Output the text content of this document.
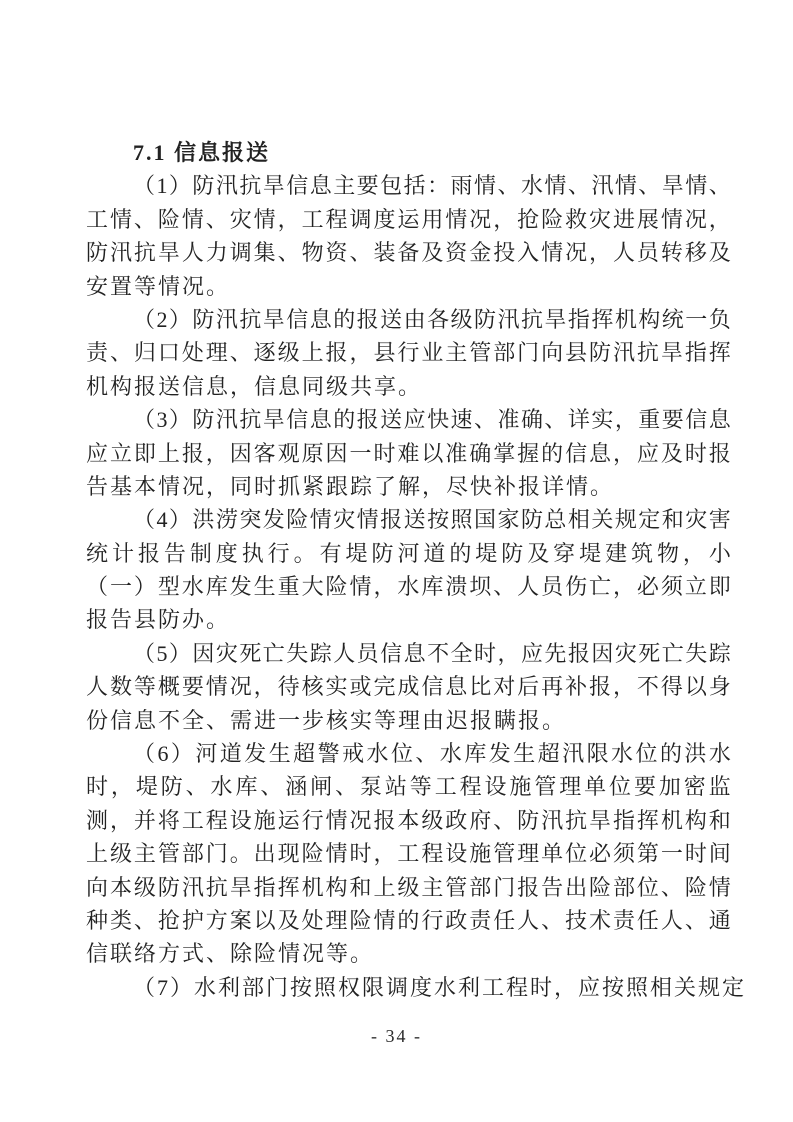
7.1 信息报送
（ 1 ） 防 汛 抗 旱 信 息 主 要 包 括 ： 雨 情 、 水 情 、 汛 情 、 旱 情 、
工 情 、 险 情 、 灾 情 ， 工 程 调 度 运 用 情 况 ， 抢 险 救 灾 进 展 情 况 ，
防 汛 抗 旱 人 力 调 集 、 物 资 、 装 备 及 资 金 投 入 情 况 ， 人 员 转 移 及
安置等情况。
（ 2 ） 防 汛 抗 旱 信 息 的 报 送 由 各 级 防 汛 抗 旱 指 挥 机 构 统 一 负
责 、 归 口 处 理 、 逐 级 上 报 ， 县 行 业 主 管 部 门 向 县 防 汛 抗 旱 指 挥
机构报送信息，信息同级共享。
（ 3 ） 防 汛 抗 旱 信 息 的 报 送 应 快 速 、 准 确 、 详 实 ， 重 要 信 息
应 立 即 上 报 ， 因 客 观 原 因 一 时 难 以 准 确 掌 握 的 信 息 ， 应 及 时 报
告基本情况，同时抓紧跟踪了解，尽快补报详情。
（ 4 ） 洪 涝 突 发 险 情 灾 情 报 送 按 照 国 家 防 总 相 关 规 定 和 灾 害
统 计 报 告 制 度 执 行 。 有 堤 防 河 道 的 堤 防 及 穿 堤 建 筑 物 ， 小
（ 一 ） 型 水 库 发 生 重 大 险 情 ， 水 库 溃 坝 、 人 员 伤 亡 ， 必 须 立 即
报告县防办。
（ 5 ） 因 灾 死 亡 失 踪 人 员 信 息 不 全 时 ， 应 先 报 因 灾 死 亡 失 踪
人 数 等 概 要 情 况 ， 待 核 实 或 完 成 信 息 比 对 后 再 补 报 ， 不 得 以 身
份信息不全、需进一步核实等理由迟报瞒报。
（ 6 ） 河 道 发 生 超 警 戒 水 位 、 水 库 发 生 超 汛 限 水 位 的 洪 水
时 ， 堤 防 、 水 库 、 涵 闸 、 泵 站 等 工 程 设 施 管 理 单 位 要 加 密 监
测 ， 并 将 工 程 设 施 运 行 情 况 报 本 级 政 府 、 防 汛 抗 旱 指 挥 机 构 和
上 级 主 管 部 门 。 出 现 险 情 时 ， 工 程 设 施 管 理 单 位 必 须 第 一 时 间
向 本 级 防 汛 抗 旱 指 挥 机 构 和 上 级 主 管 部 门 报 告 出 险 部 位 、 险 情
种 类 、 抢 护 方 案 以 及 处 理 险 情 的 行 政 责 任 人 、 技 术 责 任 人 、 通
信联络方式、除险情况等。
（7）水利部门按照权限调度水利工程时，应按照相关规定
- 34 -
